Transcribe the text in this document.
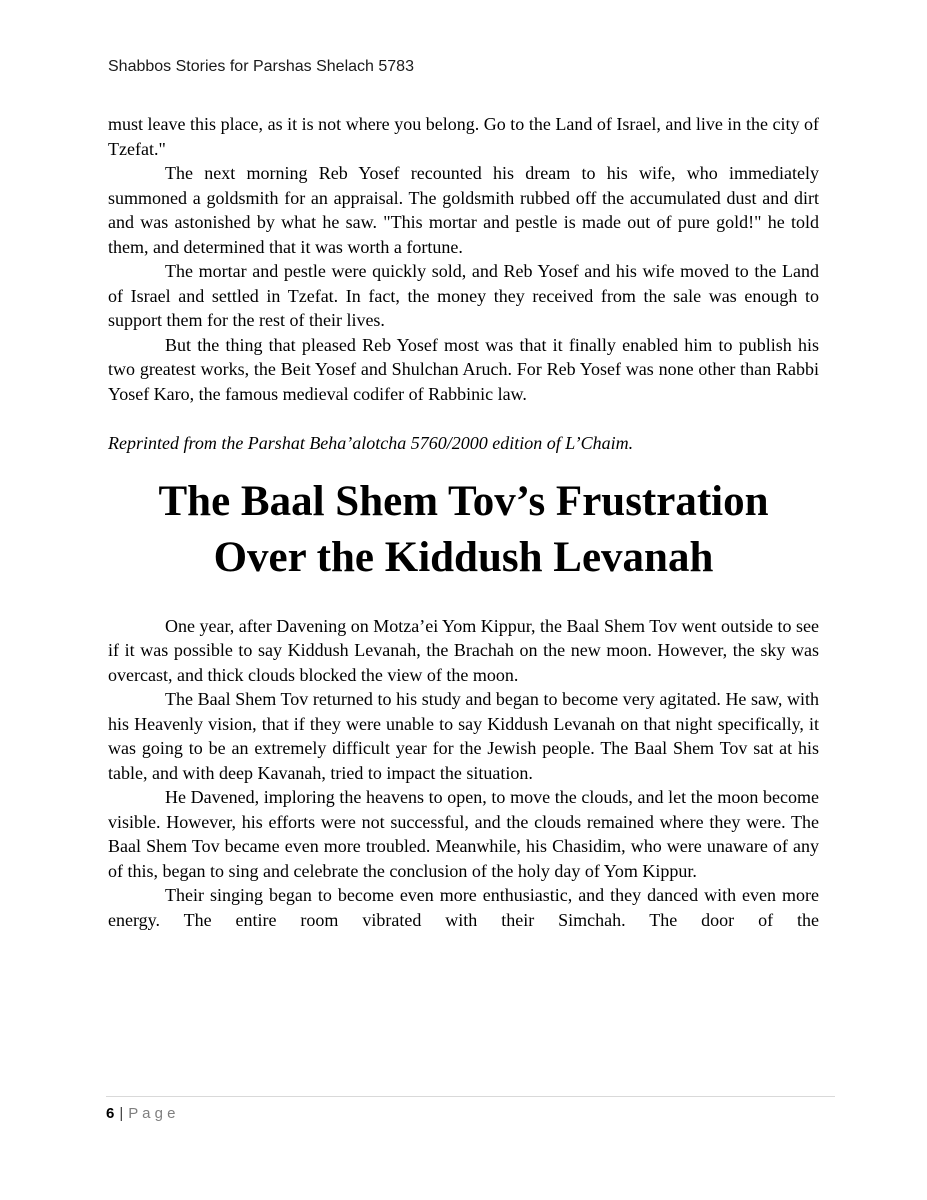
Shabbos Stories for Parshas Shelach 5783

must leave this place, as it is not where you belong. Go to the Land of Israel, and live in the city of Tzefat."

The next morning Reb Yosef recounted his dream to his wife, who immediately summoned a goldsmith for an appraisal. The goldsmith rubbed off the accumulated dust and dirt and was astonished by what he saw. "This mortar and pestle is made out of pure gold!" he told them, and determined that it was worth a fortune.

The mortar and pestle were quickly sold, and Reb Yosef and his wife moved to the Land of Israel and settled in Tzefat. In fact, the money they received from the sale was enough to support them for the rest of their lives.

But the thing that pleased Reb Yosef most was that it finally enabled him to publish his two greatest works, the Beit Yosef and Shulchan Aruch. For Reb Yosef was none other than Rabbi Yosef Karo, the famous medieval codifer of Rabbinic law.

Reprinted from the Parshat Beha’alotcha 5760/2000 edition of L’Chaim.

The Baal Shem Tov’s Frustration
Over the Kiddush Levanah

One year, after Davening on Motza’ei Yom Kippur, the Baal Shem Tov went outside to see if it was possible to say Kiddush Levanah, the Brachah on the new moon. However, the sky was overcast, and thick clouds blocked the view of the moon.

The Baal Shem Tov returned to his study and began to become very agitated. He saw, with his Heavenly vision, that if they were unable to say Kiddush Levanah on that night specifically, it was going to be an extremely difficult year for the Jewish people. The Baal Shem Tov sat at his table, and with deep Kavanah, tried to impact the situation.

He Davened, imploring the heavens to open, to move the clouds, and let the moon become visible. However, his efforts were not successful, and the clouds remained where they were. The Baal Shem Tov became even more troubled. Meanwhile, his Chasidim, who were unaware of any of this, began to sing and celebrate the conclusion of the holy day of Yom Kippur.

Their singing began to become even more enthusiastic, and they danced with even more energy. The entire room vibrated with their Simchah. The door of the

6 | P a g e
